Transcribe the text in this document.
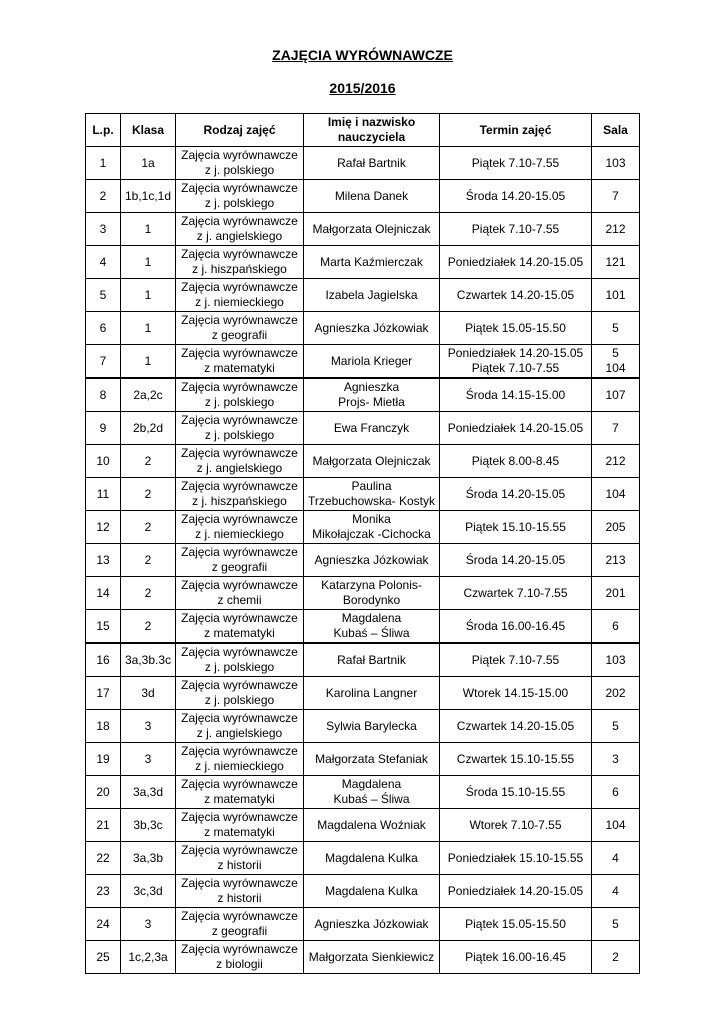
ZAJĘCIA WYRÓWNAWCZE
2015/2016
L.p.	Klasa	Rodzaj zajęć	Imię i nazwisko
nauczyciela	Termin zajęć	Sala
1	1a	Zajęcia wyrównawcze
z j. polskiego	Rafał Bartnik	Piątek 7.10-7.55	103

2	1b,1c,1d	Zajęcia wyrównawcze
z j. polskiego	Milena Danek	Środa 14.20-15.05	7

3	1	Zajęcia wyrównawcze
z j. angielskiego	Małgorzata Olejniczak	Piątek 7.10-7.55	212

4	1	Zajęcia wyrównawcze
z j. hiszpańskiego	Marta Kaźmierczak	Poniedziałek 14.20-15.05	121

5	1	Zajęcia wyrównawcze
z j. niemieckiego	Izabela Jagielska	Czwartek 14.20-15.05	101

6	1	Zajęcia wyrównawcze
z geografii	Agnieszka Józkowiak	Piątek 15.05-15.50	5

7	1	Zajęcia wyrównawcze
z matematyki	Mariola Krieger	Poniedziałek 14.20-15.05
Piątek 7.10-7.55	5
104

8	2a,2c	Zajęcia wyrównawcze
z j. polskiego	Agnieszka
Projs- Mietła	Środa 14.15-15.00	107

9	2b,2d	Zajęcia wyrównawcze
z j. polskiego	Ewa Franczyk	Poniedziałek 14.20-15.05	7

10	2	Zajęcia wyrównawcze
z j. angielskiego	Małgorzata Olejniczak	Piątek 8.00-8.45	212

11	2	Zajęcia wyrównawcze
z j. hiszpańskiego	Paulina
Trzebuchowska- Kostyk	Środa 14.20-15.05	104

12	2	Zajęcia wyrównawcze
z j. niemieckiego	Monika
Mikołajczak -Cichocka	Piątek 15.10-15.55	205

13	2	Zajęcia wyrównawcze
z geografii	Agnieszka Józkowiak	Środa 14.20-15.05	213

14	2	Zajęcia wyrównawcze
z chemii	Katarzyna Polonis-
Borodynko	Czwartek 7.10-7.55	201

15	2	Zajęcia wyrównawcze
z matematyki	Magdalena
Kubaś – Śliwa	Środa 16.00-16.45	6

16	3a,3b.3c	Zajęcia wyrównawcze
z j. polskiego	Rafał Bartnik	Piątek 7.10-7.55	103

17	3d	Zajęcia wyrównawcze
z j. polskiego	Karolina Langner	Wtorek 14.15-15.00	202

18	3	Zajęcia wyrównawcze
z j. angielskiego	Sylwia Barylecka	Czwartek 14.20-15.05	5

19	3	Zajęcia wyrównawcze
z j. niemieckiego	Małgorzata Stefaniak	Czwartek 15.10-15.55	3

20	3a,3d	Zajęcia wyrównawcze
z matematyki	Magdalena
Kubaś – Śliwa	Środa 15.10-15.55	6

21	3b,3c	Zajęcia wyrównawcze
z matematyki	Magdalena Woźniak	Wtorek 7.10-7.55	104

22	3a,3b	Zajęcia wyrównawcze
z historii	Magdalena Kulka	Poniedziałek 15.10-15.55	4

23	3c,3d	Zajęcia wyrównawcze
z historii	Magdalena Kulka	Poniedziałek 14.20-15.05	4

24	3	Zajęcia wyrównawcze
z geografii	Agnieszka Józkowiak	Piątek 15.05-15.50	5

25	1c,2,3a	Zajęcia wyrównawcze
z biologii	Małgorzata Sienkiewicz	Piątek 16.00-16.45	2
